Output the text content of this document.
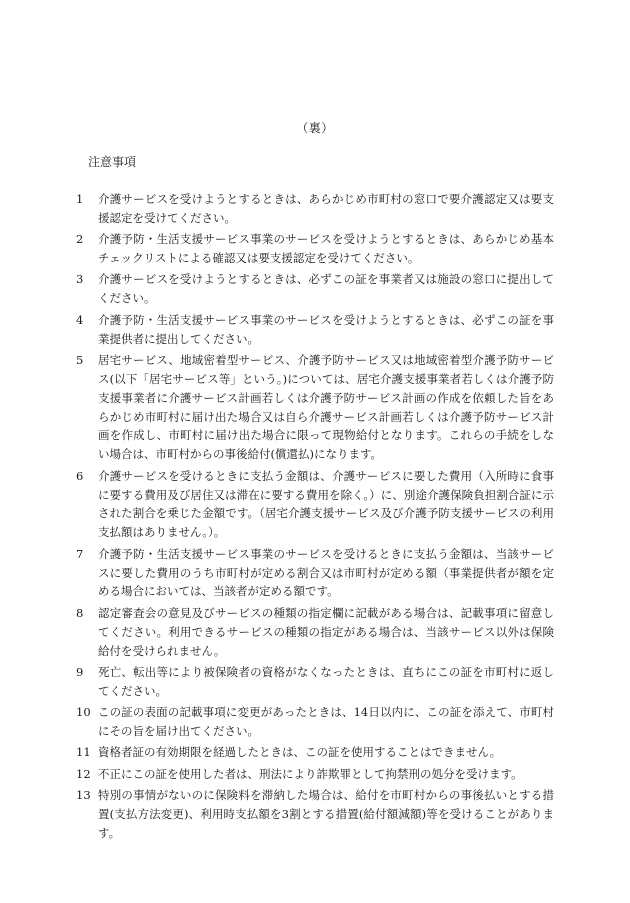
（裏）
注意事項
1	介護サービスを受けようとするときは、あらかじめ市町村の窓口で要介護認定又は要支援認定を受けてください。
2	介護予防・生活支援サービス事業のサービスを受けようとするときは、あらかじめ基本チェックリストによる確認又は要支援認定を受けてください。
3	介護サービスを受けようとするときは、必ずこの証を事業者又は施設の窓口に提出してください。
4	介護予防・生活支援サービス事業のサービスを受けようとするときは、必ずこの証を事業提供者に提出してください。
5	居宅サービス、地域密着型サービス、介護予防サービス又は地域密着型介護予防サービス(以下「居宅サービス等」という。)については、居宅介護支援事業者若しくは介護予防支援事業者に介護サービス計画若しくは介護予防サービス計画の作成を依頼した旨をあらかじめ市町村に届け出た場合又は自ら介護サービス計画若しくは介護予防サービス計画を作成し、市町村に届け出た場合に限って現物給付となります。これらの手続をしない場合は、市町村からの事後給付(償還払)になります。
6	介護サービスを受けるときに支払う金額は、介護サービスに要した費用（入所時に食事に要する費用及び居住又は滞在に要する費用を除く。）に、別途介護保険負担割合証に示された割合を乗じた金額です。（居宅介護支援サービス及び介護予防支援サービスの利用支払額はありません。）。
7	介護予防・生活支援サービス事業のサービスを受けるときに支払う金額は、当該サービスに要した費用のうち市町村が定める割合又は市町村が定める額（事業提供者が額を定める場合においては、当該者が定める額です。
8	認定審査会の意見及びサービスの種類の指定欄に記載がある場合は、記載事項に留意してください。利用できるサービスの種類の指定がある場合は、当該サービス以外は保険給付を受けられません。
9	死亡、転出等により被保険者の資格がなくなったときは、直ちにこの証を市町村に返してください。
10 この証の表面の記載事項に変更があったときは、14日以内に、この証を添えて、市町村にその旨を届け出てください。
11 資格者証の有効期限を経過したときは、この証を使用することはできません。
12 不正にこの証を使用した者は、刑法により詐欺罪として拘禁刑の処分を受けます。
13 特別の事情がないのに保険料を滞納した場合は、給付を市町村からの事後払いとする措置(支払方法変更)、利用時支払額を3割とする措置(給付額減額)等を受けることがあります。
